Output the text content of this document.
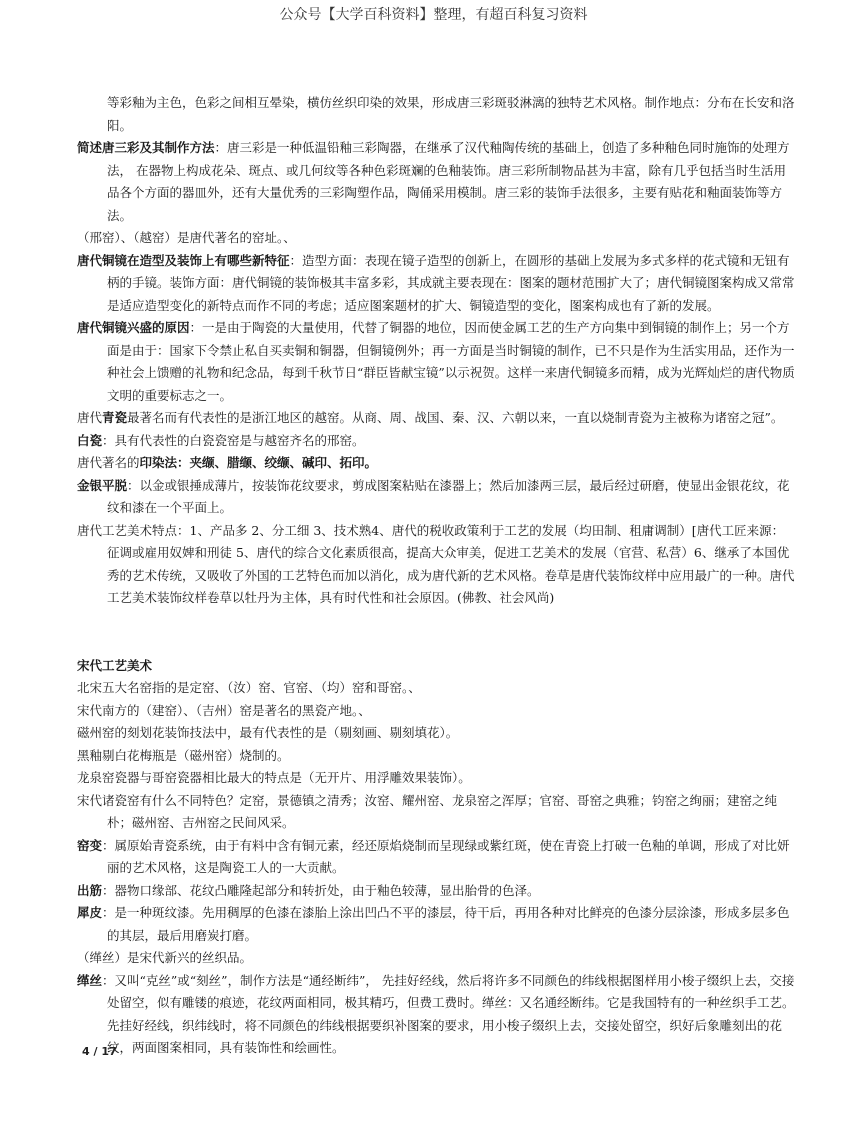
公众号【大学百科资料】整理，有超百科复习资料

等彩釉为主色，色彩之间相互晕染，横仿丝织印染的效果，形成唐三彩斑驳淋漓的独特艺术风格。制作地点：分布在长安和洛阳。

简述唐三彩及其制作方法：唐三彩是一种低温铅釉三彩陶器，在继承了汉代釉陶传统的基础上，创造了多种釉色同时施饰的处理方法， 在器物上构成花朵、斑点、或几何纹等各种色彩斑斓的色釉装饰。唐三彩所制物品甚为丰富，除有几乎包括当时生活用品各个方面的器皿外，还有大量优秀的三彩陶塑作品，陶俑采用模制。唐三彩的装饰手法很多，主要有贴花和釉面装饰等方法。

（邢窑）、（越窑）是唐代著名的窑址。、

唐代铜镜在造型及装饰上有哪些新特征：造型方面：表现在镜子造型的创新上，在圆形的基础上发展为多式多样的花式镜和无钮有柄的手镜。装饰方面：唐代铜镜的装饰极其丰富多彩，其成就主要表现在：图案的题材范围扩大了；唐代铜镜图案构成又常常是适应造型变化的新特点而作不同的考虑；适应图案题材的扩大、铜镜造型的变化，图案构成也有了新的发展。

唐代铜镜兴盛的原因：一是由于陶瓷的大量使用，代替了铜器的地位，因而使金属工艺的生产方向集中到铜镜的制作上；另一个方面是由于：国家下令禁止私自买卖铜和铜器，但铜镜例外；再一方面是当时铜镜的制作，已不只是作为生活实用品，还作为一种社会上馈赠的礼物和纪念品，每到千秋节日“群臣皆献宝镜”以示祝贺。这样一来唐代铜镜多而精，成为光辉灿烂的唐代物质文明的重要标志之一。

唐代青瓷最著名而有代表性的是浙江地区的越窑。从商、周、战国、秦、汉、六朝以来，一直以烧制青瓷为主被称为诸窑之冠”。

白瓷：具有代表性的白瓷瓷窑是与越窑齐名的邢窑。

唐代著名的印染法：夹缬、腊缬、绞缬、碱印、拓印。

金银平脱：以金或银捶成薄片，按装饰花纹要求，剪成图案粘贴在漆器上；然后加漆两三层，最后经过研磨，使显出金银花纹，花纹和漆在一个平面上。

唐代工艺美术特点：1、产品多 2、分工细 3、技术熟4、唐代的税收政策利于工艺的发展（均田制、租庸调制）[唐代工匠来源：征调或雇用奴婢和刑徒 5、唐代的综合文化素质很高，提高大众审美，促进工艺美术的发展（官营、私营）6、继承了本国优秀的艺术传统，又吸收了外国的工艺特色而加以消化，成为唐代新的艺术风格。卷草是唐代装饰纹样中应用最广的一种。唐代工艺美术装饰纹样卷草以牡丹为主体，具有时代性和社会原因。(佛教、社会风尚)

宋代工艺美术

北宋五大名窑指的是定窑、（汝）窑、官窑、（均）窑和哥窑。、

宋代南方的（建窑）、（吉州）窑是著名的黑瓷产地。、

磁州窑的刻划花装饰技法中，最有代表性的是（剔刻画、剔刻填花）。

黑釉剔白花梅瓶是（磁州窑）烧制的。

龙泉窑瓷器与哥窑瓷器相比最大的特点是（无开片、用浮雕效果装饰）。

宋代诸瓷窑有什么不同特色？定窑，景德镇之清秀；汝窑、耀州窑、龙泉窑之浑厚；官窑、哥窑之典雅；钧窑之绚丽；建窑之纯朴；磁州窑、吉州窑之民间风采。

窑变：属原始青瓷系统，由于有料中含有铜元素，经还原焰烧制而呈现绿或紫红斑，使在青瓷上打破一色釉的单调，形成了对比妍丽的艺术风格，这是陶瓷工人的一大贡献。

出筋：器物口缘部、花纹凸雕隆起部分和转折处，由于釉色较薄，显出胎骨的色泽。

犀皮：是一种斑纹漆。先用稠厚的色漆在漆胎上涂出凹凸不平的漆层，待干后，再用各种对比鲜亮的色漆分层涂漆，形成多层多色的其层，最后用磨炭打磨。

（缂丝）是宋代新兴的丝织品。

缂丝：又叫“克丝”或“刻丝”，制作方法是“通经断纬”， 先挂好经线，然后将许多不同颜色的纬线根据图样用小梭子缀织上去，交接处留空，似有雕镂的痕迹，花纹两面相同，极其精巧，但费工费时。缂丝：又名通经断纬。它是我国特有的一种丝织手工艺。先挂好经线，织纬线时，将不同颜色的纬线根据要织补图案的要求，用小梭子缀织上去，交接处留空，织好后象雕刻出的花纹，两面图案相同，具有装饰性和绘画性。

4 / 17
